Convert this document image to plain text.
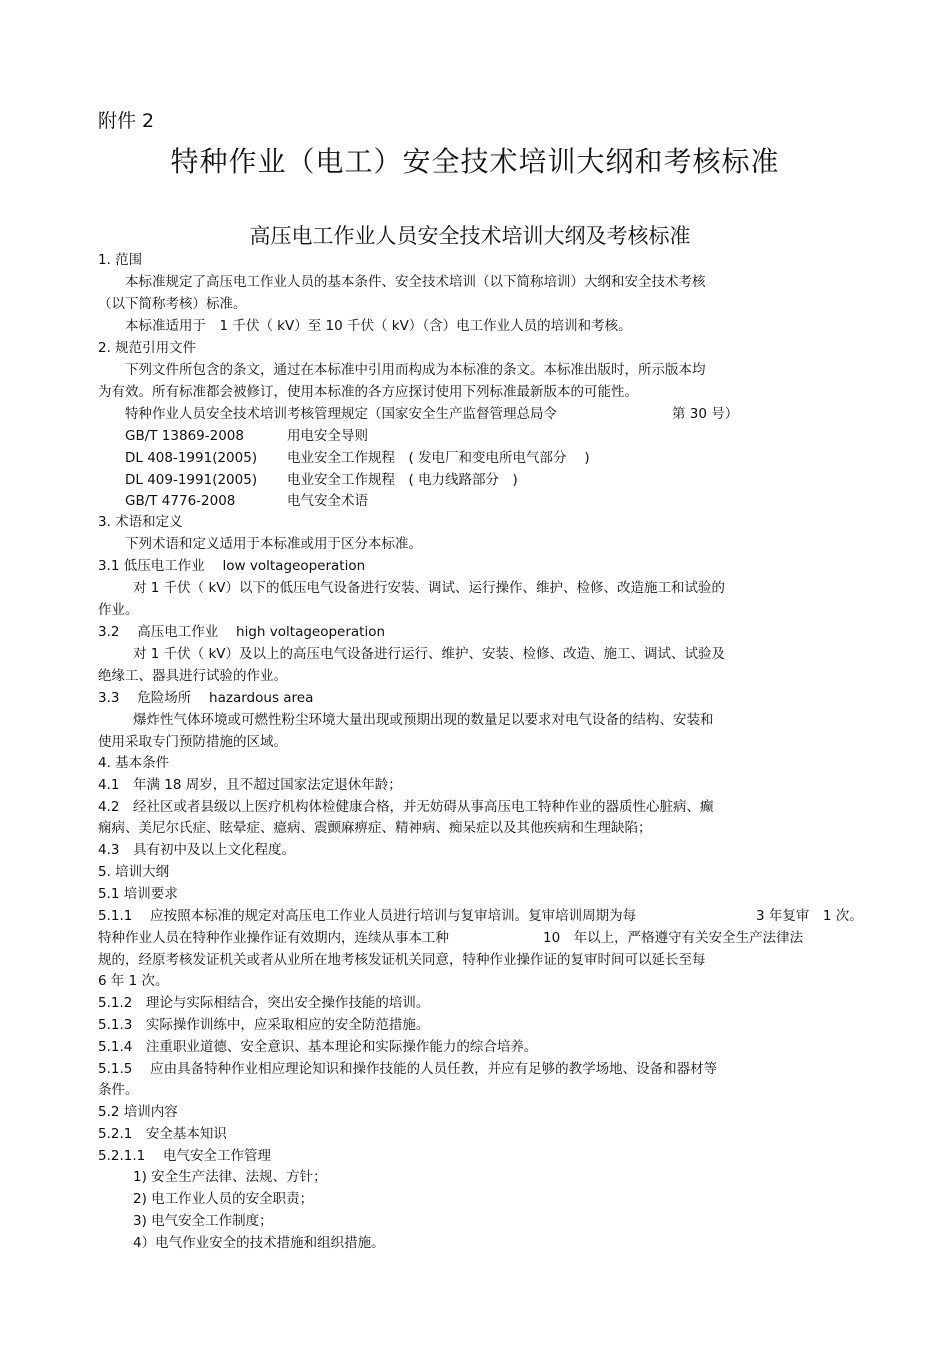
附件 2
特种作业（电工）安全技术培训大纲和考核标准
高压电工作业人员安全技术培训大纲及考核标准
1. 范围
本标准规定了高压电工作业人员的基本条件、安全技术培训（以下简称培训）大纲和安全技术考核
（以下简称考核）标准。
本标准适用于　1 千伏（ kV）至 10 千伏（ kV）（含）电工作业人员的培训和考核。
2. 规范引用文件
下列文件所包含的条文，通过在本标准中引用而构成为本标准的条文。本标准出版时，所示版本均
为有效。所有标准都会被修订，使用本标准的各方应探讨使用下列标准最新版本的可能性。
特种作业人员安全技术培训考核管理规定（国家安全生产监督管理总局令	第 30 号）
GB/T 13869-2008	用电安全导则
DL 408-1991(2005) 电业安全工作规程　( 发电厂和变电所电气部分　 )
DL 409-1991(2005) 电业安全工作规程　( 电力线路部分　)
GB/T 4776-2008	电气安全术语
3. 术语和定义
下列术语和定义适用于本标准或用于区分本标准。
3.1 低压电工作业　 low voltageoperation
对 1 千伏（ kV）以下的低压电气设备进行安装、调试、运行操作、维护、检修、改造施工和试验的
作业。
3.2　 高压电工作业　 high voltageoperation
对 1 千伏（ kV）及以上的高压电气设备进行运行、维护、安装、检修、改造、施工、调试、试验及
绝缘工、器具进行试验的作业。
3.3　 危险场所　 hazardous area
爆炸性气体环境或可燃性粉尘环境大量出现或预期出现的数量足以要求对电气设备的结构、安装和
使用采取专门预防措施的区域。
4. 基本条件
4.1　年满 18 周岁，且不超过国家法定退休年龄；
4.2　经社区或者县级以上医疗机构体检健康合格，并无妨碍从事高压电工特种作业的器质性心脏病、癫
痫病、美尼尔氏症、眩晕症、癔病、震颤麻痹症、精神病、痴呆症以及其他疾病和生理缺陷；
4.3　具有初中及以上文化程度。
5. 培训大纲
5.1 培训要求
5.1.1　 应按照本标准的规定对高压电工作业人员进行培训与复审培训。复审培训周期为每	3 年复审　1 次。
特种作业人员在特种作业操作证有效期内，连续从事本工种	10　年以上，严格遵守有关安全生产法律法
规的，经原考核发证机关或者从业所在地考核发证机关同意，特种作业操作证的复审时间可以延长至每
6 年 1 次。
5.1.2　理论与实际相结合，突出安全操作技能的培训。
5.1.3　实际操作训练中，应采取相应的安全防范措施。
5.1.4　注重职业道德、安全意识、基本理论和实际操作能力的综合培养。
5.1.5　 应由具备特种作业相应理论知识和操作技能的人员任教，并应有足够的教学场地、设备和器材等
条件。
5.2 培训内容
5.2.1　安全基本知识
5.2.1.1　 电气安全工作管理
1) 安全生产法律、法规、方针；
2) 电工作业人员的安全职责；
3) 电气安全工作制度；
4）电气作业安全的技术措施和组织措施。
